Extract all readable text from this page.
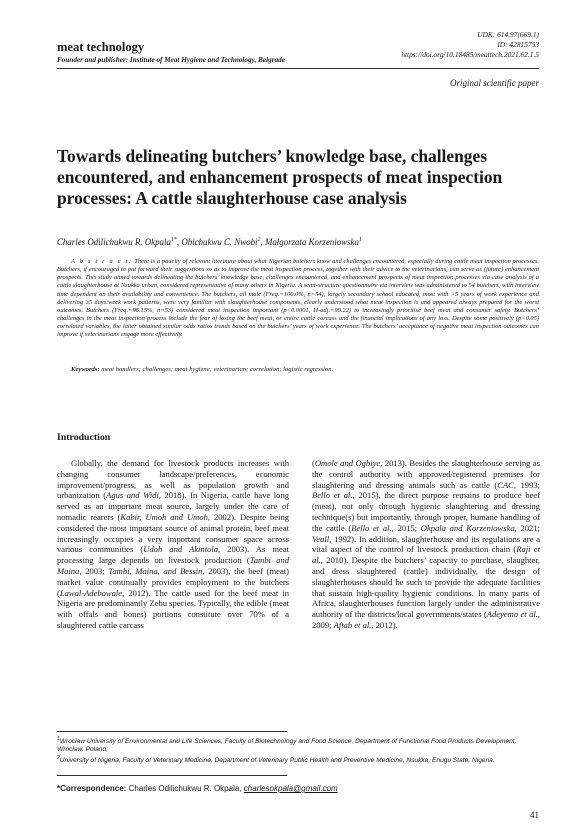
meat technology
Founder and publisher: Institute of Meat Hygiene and Technology, Belgrade
UDK: 614.97(669.1)
ID: 42815753
https://doi.org/10.18485/meattech.2021.62.1.5
Original scientific paper
Towards delineating butchers’ knowledge base, challenges encountered, and enhancement prospects of meat inspection processes: A cattle slaughterhouse case analysis
Charles Odilichukwu R. Okpala$^{1*}$, Obichukwu C. Nwobi$^2$, Małgorzata Korzeniowska$^1$
A b s t r a c t: There is a paucity of relevant literature about what Nigerian butchers know and challenges encountered, especially during cattle meat inspection processes. Butchers, if encouraged to put forward their suggestions so as to improve the meat inspection process, together with their advice to the veterinarians, can serve as (future) enhancement prospects. This study aimed towards delineating the butchers’ knowledge base, challenges encountered, and enhancement prospects of meat inspection processes via case analysis of a cattle slaughterhouse at Nsukka urban, considered representative of many others in Nigeria. A semi-structure questionnaire via interview was administered to 54 butchers, with interview time dependent on their availability and convenience. The butchers, all male (Freq.=100.0%, n=54), largely secondary school educated, most with >5 years of work experience and delivering ≥5 days/week work patterns, were very familiar with slaughterhouse components, clearly understood what meat inspection is and appeared always prepared for the worst outcomes. Butchers (Freq.=98.15%, n=53) considered meat inspection important (p<0.0001, H-adj.=99.22) to increasingly prioritise beef meat and consumer safety. Butchers’ challenges in the meat inspection process include the fear of losing the beef meat, or entire cattle carcass and the financial implications of any loss. Despite some positively (p<0.05) correlated variables, the latter obtained similar odds ratios trends based on the butchers’ years of work experience. The butchers’ acceptance of negative meat inspection outcomes can improve if veterinarians engage more effectively.
Keywords: meat handlers; challenges; meat hygiene; veterinarian; correlation; logistic regression.
Introduction

Globally, the demand for livestock products increases with changing consumer landscape/preferences, economic improvement/progress, as well as population growth and urbanization (Agus and Widi, 2018). In Nigeria, cattle have long served as an important meat source, largely under the care of nomadic rearers (Kabir, Umoh and Umoh, 2002). Despite being considered the most important source of animal protein, beef meat increasingly occupies a very important consumer space across various communities (Udoh and Akintola, 2003). As meat processing large depends on livestock production (Tambi and Maina, 2003; Tambi, Maina, and Bessin, 2003), the beef (meat) market value continually provides employment to the butchers (Lawal-Adebowale, 2012). The cattle used for the beef meat in Nigeria are predominantly Zebu species. Typically, the edible (meat with offals and bones) portions constitute over 70% of a slaughtered cattle carcass

(Omole and Ogbiye, 2013). Besides the slaughterhouse serving as the control authority with approved/registered premises for slaughtering and dressing animals such as cattle (CAC, 1993; Bello et al., 2015), the direct purpose remains to produce beef (meat), not only through hygienic slaughtering and dressing technique(s) but importantly, through proper, humane handling of the cattle (Bello et al., 2015; Okpala and Korzeniowska, 2021; Veall, 1992). In addition, slaughterhouse and its regulations are a vital aspect of the control of livestock production chain (Raji et al., 2010). Despite the butchers’ capacity to purchase, slaughter, and dress slaughtered (cattle) individually, the design of slaughterhouses should be such to provide the adequate facilities that sustain high-quality hygienic conditions. In many parts of Africa, slaughterhouses function largely under the administrative authority of the districts/local governments/states (Adeyemo et al., 2009; Aftab et al., 2012).

$^1$Wrocław University of Environmental and Life Sciences, Faculty of Biotechnology and Food Science, Department of Functional Food Products Development, Wrocław, Poland;
$^2$University of Nigeria, Faculty of Veterinary Medicine, Department of Veterinary Public Health and Preventive Medicine, Nsukka, Enugu State, Nigeria.
*Correspondence: Charles Odilichukwu R. Okpala, charlesokpala@gmail.com
41
